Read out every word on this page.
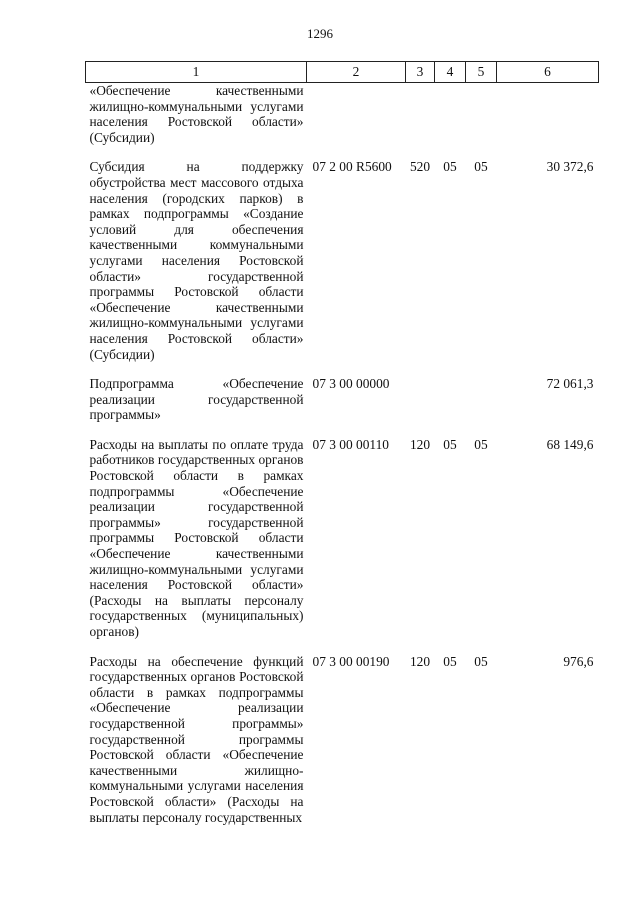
1296
1	2	3	4	5	6
«Обеспечение качественными жилищно-коммунальными услугами населения Ростовской области» (Субсидии)					
Субсидия на поддержку обустройства мест массового отдыха населения (городских парков) в рамках подпрограммы «Создание условий для обеспечения качественными коммунальными услугами населения Ростовской области» государственной программы Ростовской области «Обеспечение качественными жилищно-коммунальными услугами населения Ростовской области» (Субсидии)	07 2 00 R5600	520	05	05	30 372,6
Подпрограмма «Обеспечение реализации государственной программы»	07 3 00 00000				72 061,3
Расходы на выплаты по оплате труда работников государственных органов Ростовской области в рамках подпрограммы «Обеспечение реализации государственной программы» государственной программы Ростовской области «Обеспечение качественными жилищно-коммунальными услугами населения Ростовской области» (Расходы на выплаты персоналу государственных (муниципальных) органов)	07 3 00 00110	120	05	05	68 149,6
Расходы на обеспечение функций государственных органов Ростовской области в рамках подпрограммы «Обеспечение реализации государственной программы» государственной программы Ростовской области «Обеспечение качественными жилищно-коммунальными услугами населения Ростовской области» (Расходы на выплаты персоналу государственных	07 3 00 00190	120	05	05	976,6
